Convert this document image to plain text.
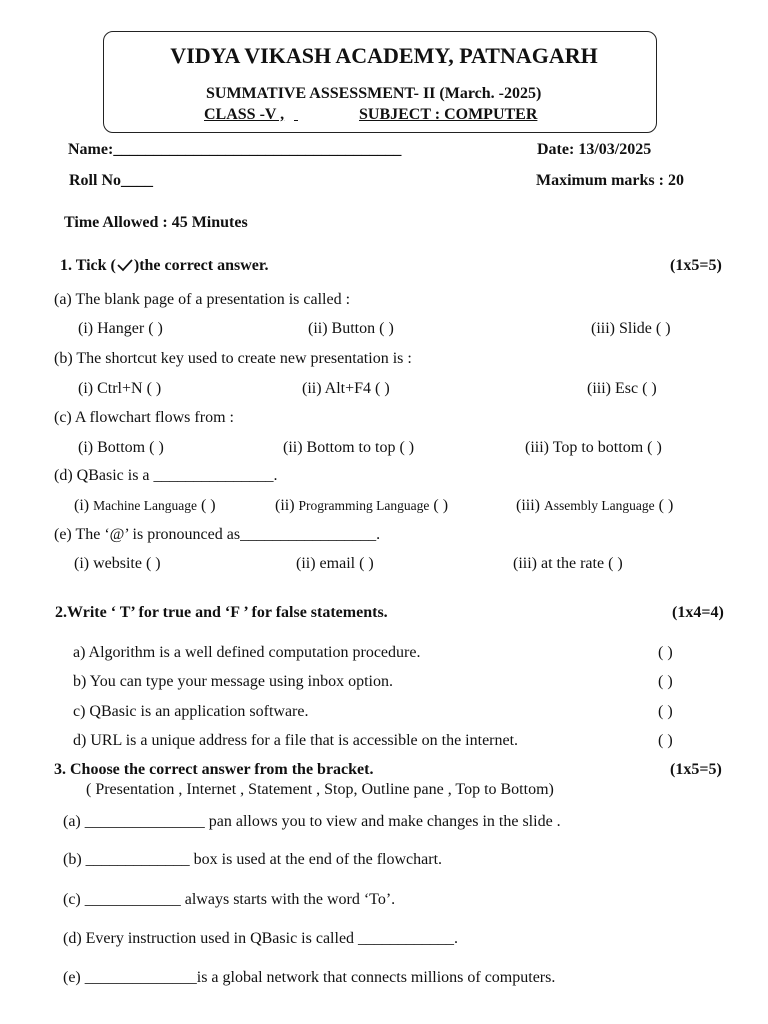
VIDYA VIKASH ACADEMY, PATNAGARH
SUMMATIVE ASSESSMENT- II (March. -2025)
CLASS -V ,
	SUBJECT : COMPUTER
Name:____________________________________	Date: 13/03/2025
Roll No____	Maximum marks : 20
Time Allowed : 45 Minutes
1. Tick ( )the correct answer.	(1x5=5)
(a) The blank page of a presentation is called :
(i) Hanger ( )	(ii) Button ( )	(iii) Slide ( )
(b) The shortcut key used to create new presentation is :
(i) Ctrl+N ( )	(ii) Alt+F4 ( )	(iii) Esc ( )
(c) A flowchart flows from :
(i) Bottom ( )	(ii) Bottom to top ( )	(iii) Top to bottom ( )
(d) QBasic is a _______________.
(i) Machine Language ( )	(ii) Programming Language ( )	(iii) Assembly Language ( )
(e) The ‘@’ is pronounced as_________________.
(i) website ( )	(ii) email ( )	(iii) at the rate ( )
2.Write ‘ T’ for true and ‘F ’ for false statements.	(1x4=4)
a) Algorithm is a well defined computation procedure.	( )
b) You can type your message using inbox option.	( )
c) QBasic is an application software.	( )
d) URL is a unique address for a file that is accessible on the internet.	( )
3. Choose the correct answer from the bracket.	(1x5=5)
( Presentation , Internet , Statement , Stop, Outline pane , Top to Bottom)
(a) _______________ pan allows you to view and make changes in the slide .
(b) _____________ box is used at the end of the flowchart.
(c) ____________ always starts with the word ‘To’.
(d) Every instruction used in QBasic is called ____________.
(e) ______________is a global network that connects millions of computers.
